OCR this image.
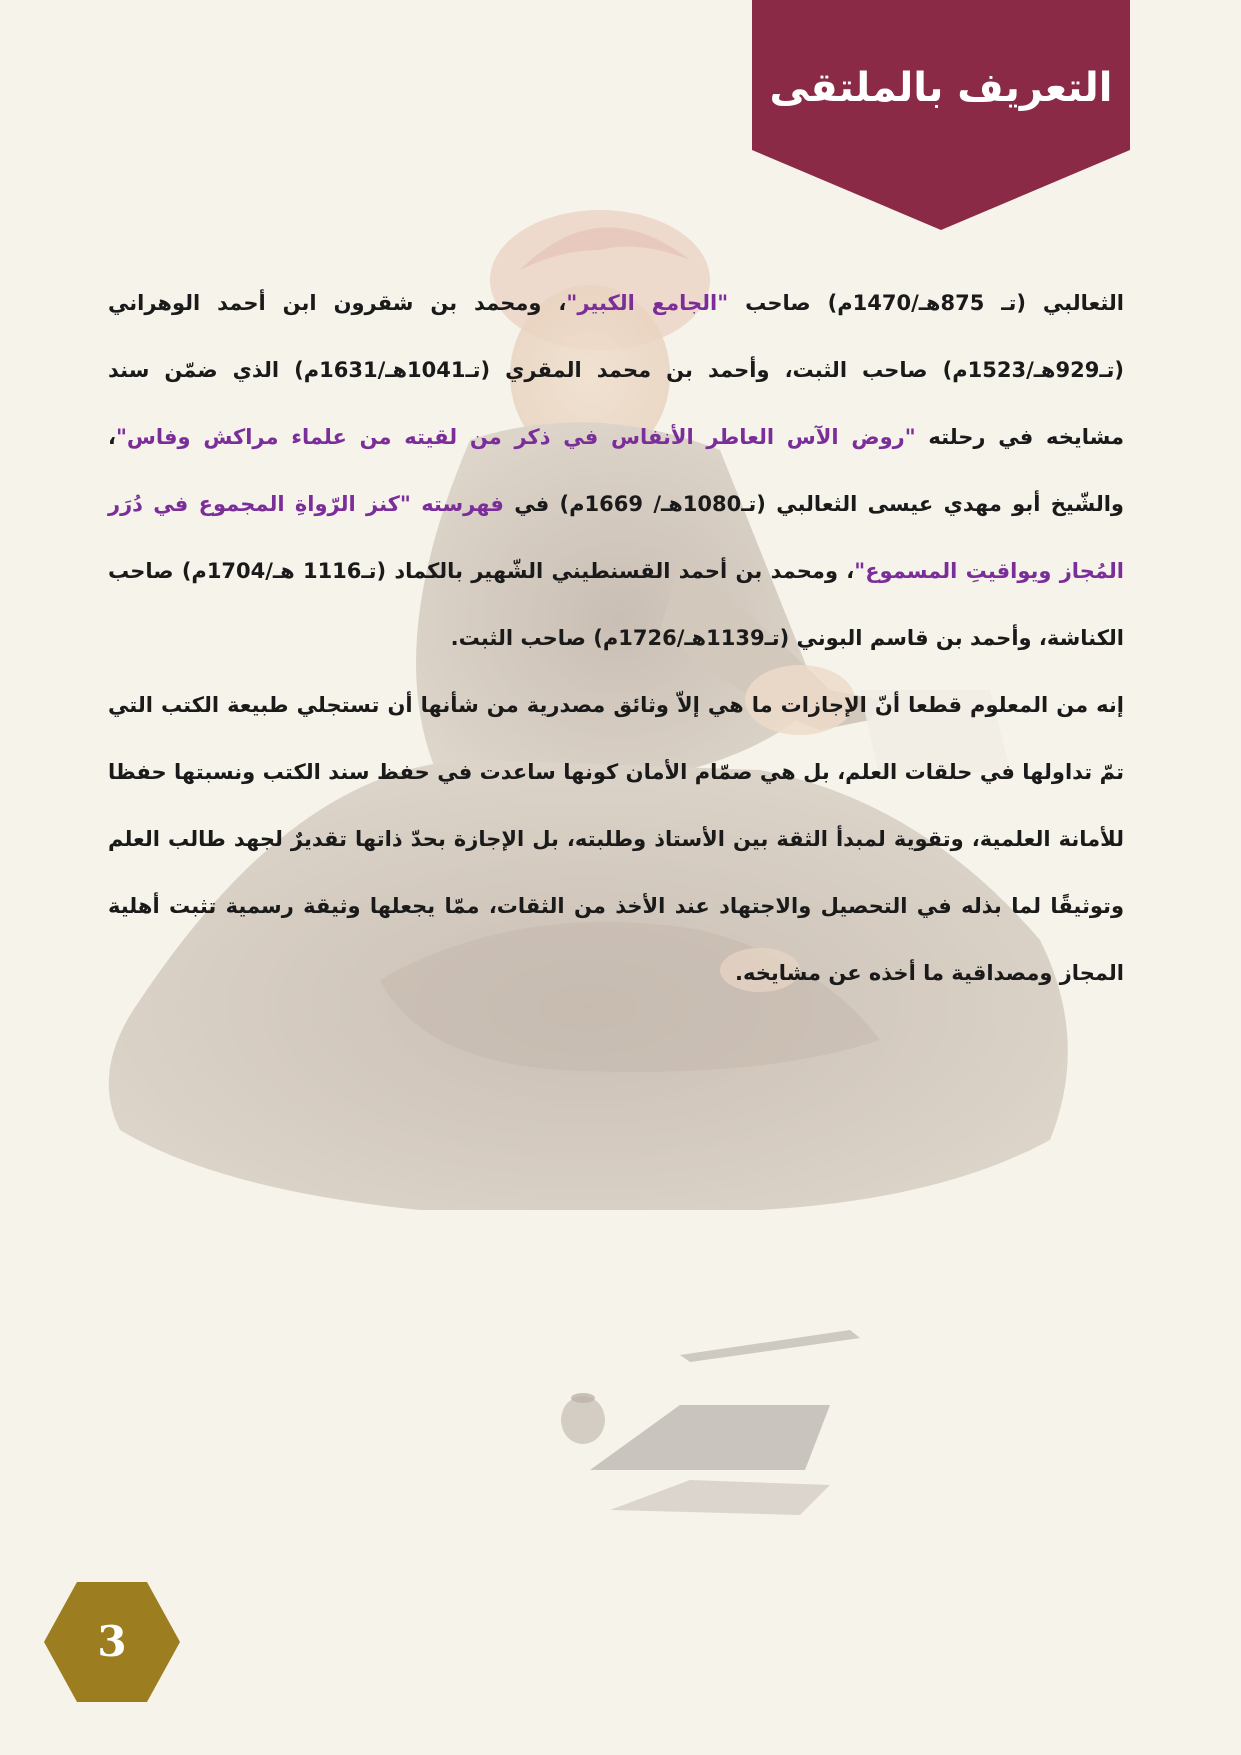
التعريف بالملتقى

الثعالبي (تـ 875هـ/1470م) صاحب "الجامع الكبير"، ومحمد بن شقرون ابن أحمد الوهراني (تـ929هـ/1523م) صاحب الثبت، وأحمد بن محمد المقري (تـ1041هـ/1631م) الذي ضمّن سند مشايخه في رحلته "روض الآس العاطر الأنفاس في ذكر من لقيته من علماء مراكش وفاس"، والشّيخ أبو مهدي عيسى الثعالبي (تـ1080هـ/ 1669م) في فهرسته "كنز الرّواةِ المجموع في دُرَر المُجاز ويواقيتِ المسموع"، ومحمد بن أحمد القسنطيني الشّهير بالكماد (تـ1116 هـ/1704م) صاحب الكناشة، وأحمد بن قاسم البوني (تـ1139هـ/1726م) صاحب الثبت.

إنه من المعلوم قطعا أنّ الإجازات ما هي إلاّ وثائق مصدرية من شأنها أن تستجلي طبيعة الكتب التي تمّ تداولها في حلقات العلم، بل هي صمّام الأمان كونها ساعدت في حفظ سند الكتب ونسبتها حفظا للأمانة العلمية، وتقوية لمبدأ الثقة بين الأستاذ وطلبته، بل الإجازة بحدّ ذاتها تقديرٌ لجهد طالب العلم وتوثيقًا لما بذله في التحصيل والاجتهاد عند الأخذ من الثقات، ممّا يجعلها وثيقة رسمية تثبت أهلية المجاز ومصداقية ما أخذه عن مشايخه.

3
